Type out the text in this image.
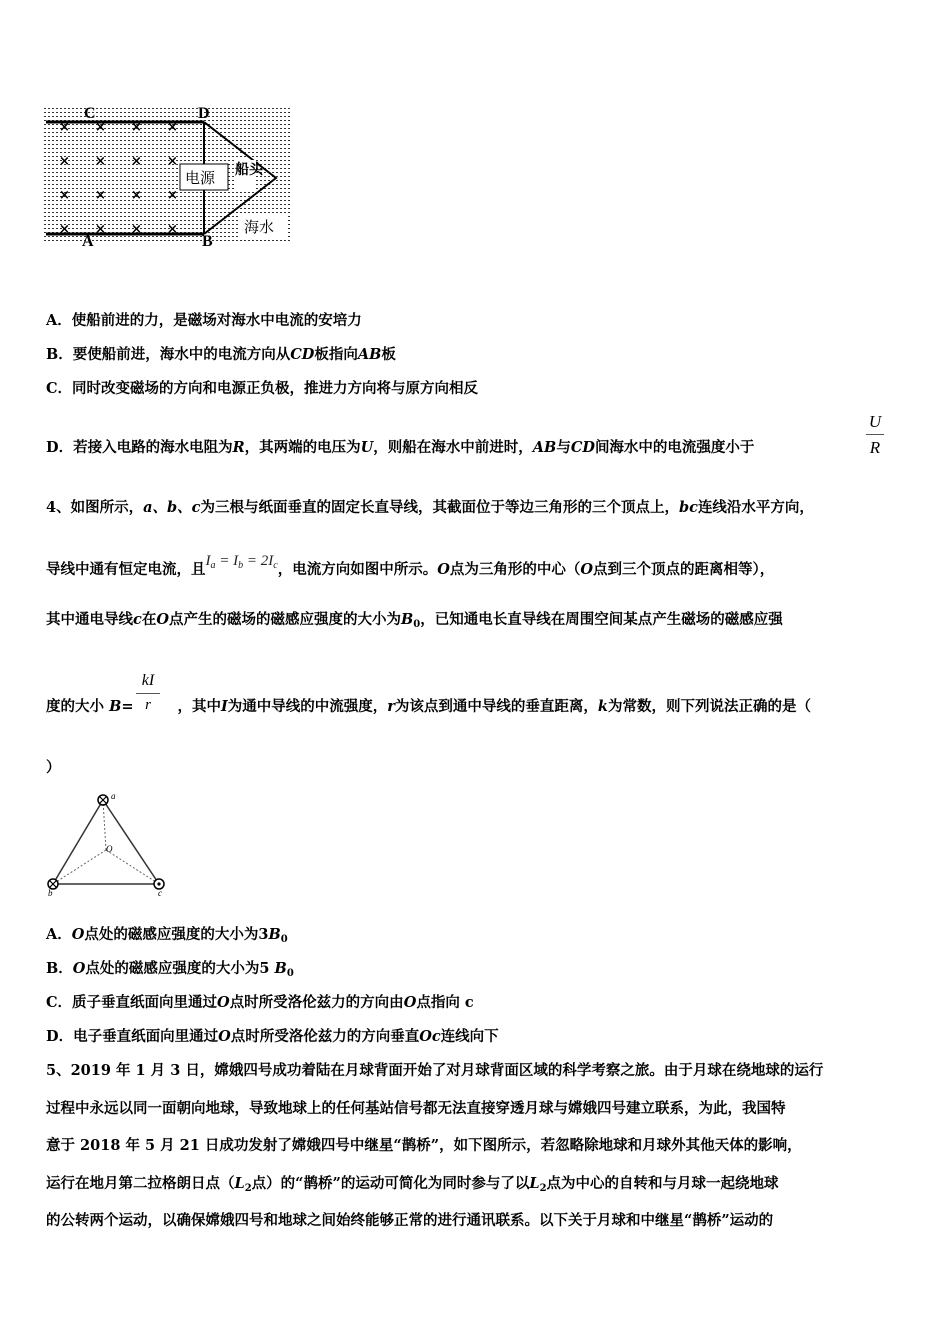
电源 船头
海水
C	D
A	B
× × × ×
× × × ×
× × × ×
× × × ×
A．使船前进的力，是磁场对海水中电流的安培力
B．要使船前进，海水中的电流方向从CD板指向AB板
C．同时改变磁场的方向和电源正负极，推进力方向将与原方向相反
D．若接入电路的海水电阻为R，其两端的电压为U，则船在海水中前进时，AB与CD间海水中的电流强度小于
U
R
4、如图所示，a、b、c为三根与纸面垂直的固定长直导线，其截面位于等边三角形的三个顶点上，bc连线沿水平方向，
导线中通有恒定电流，且$I_a = I_b = 2I_c$，电流方向如图中所示。O点为三角形的中心（O点到三个顶点的距离相等），
其中通电导线c在O点产生的磁场的磁感应强度的大小为$B_0$，已知通电长直导线在周围空间某点产生磁场的磁感应强
度的大小 B=	，其中I为通中导线的中流强度，r为该点到通中导线的垂直距离，k为常数，则下列说法正确的是（
kI
r
）
a
b	c
O
A．O点处的磁感应强度的大小为$3B_0$
B．O点处的磁感应强度的大小为5 $B_0$
C．质子垂直纸面向里通过O点时所受洛伦兹力的方向由O点指向 c
D．电子垂直纸面向里通过O点时所受洛伦兹力的方向垂直Oc连线向下
5、2019 年 1 月 3 日，嫦娥四号成功着陆在月球背面开始了对月球背面区域的科学考察之旅。由于月球在绕地球的运行
过程中永远以同一面朝向地球，导致地球上的任何基站信号都无法直接穿透月球与嫦娥四号建立联系，为此，我国特
意于 2018 年 5 月 21 日成功发射了嫦娥四号中继星“鹊桥”，如下图所示，若忽略除地球和月球外其他天体的影响，
运行在地月第二拉格朗日点（$L_2$点）的“鹊桥”的运动可简化为同时参与了以$L_2$点为中心的自转和与月球一起绕地球
的公转两个运动，以确保嫦娥四号和地球之间始终能够正常的进行通讯联系。以下关于月球和中继星“鹊桥”运动的
